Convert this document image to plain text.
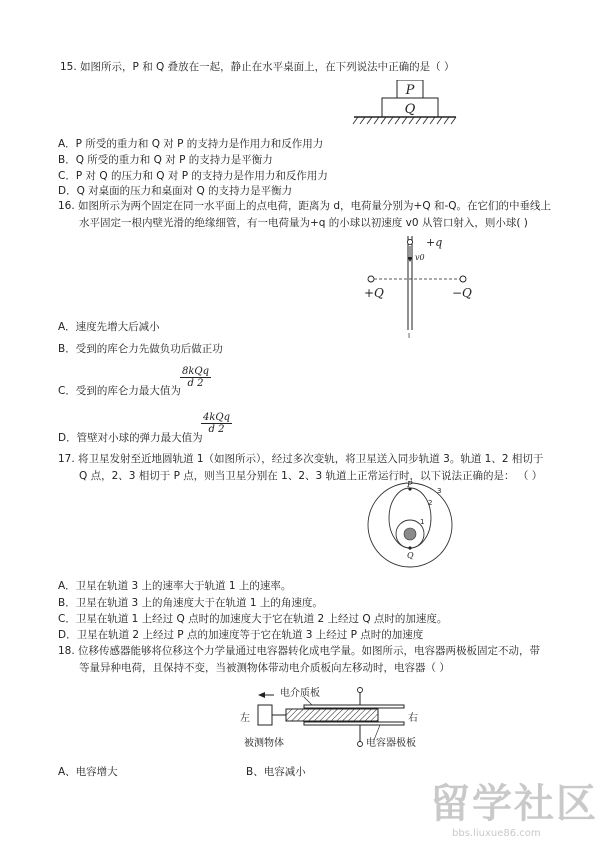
15. 如图所示，P 和 Q 叠放在一起，静止在水平桌面上，在下列说法中正确的是（ ）
P
Q
A．P 所受的重力和 Q 对 P 的支持力是作用力和反作用力
B．Q 所受的重力和 Q 对 P 的支持力是平衡力
C．P 对 Q 的压力和 Q 对 P 的支持力是作用力和反作用力
D．Q 对桌面的压力和桌面对 Q 的支持力是平衡力
16. 如图所示为两个固定在同一水平面上的点电荷，距离为 d，电荷量分别为+Q 和-Q。在它们的中垂线上
水平固定一根内壁光滑的绝缘细管，有一电荷量为+q 的小球以初速度 v0 从管口射入，则小球( )
+q
v0
+Q	−Q
I
A．速度先增大后减小
B．受到的库仑力先做负功后做正功
C．受到的库仑力最大值为
8kQq
d 2
D．管壁对小球的弹力最大值为
4kQq
d 2
17. 将卫星发射至近地圆轨道 1（如图所示），经过多次变轨，将卫星送入同步轨道 3。轨道 1、2 相切于
Q 点，2、3 相切于 P 点，则当卫星分别在 1、2、3 轨道上正常运行时，以下说法正确的是： （ ）
P
Q
1
2
3
A．卫星在轨道 3 上的速率大于轨道 1 上的速率。
B．卫星在轨道 3 上的角速度大于在轨道 1 上的角速度。
C．卫星在轨道 1 上经过 Q 点时的加速度大于它在轨道 2 上经过 Q 点时的加速度。
D．卫星在轨道 2 上经过 P 点的加速度等于它在轨道 3 上经过 P 点时的加速度
18. 位移传感器能够将位移这个力学量通过电容器转化成电学量。如图所示，电容器两极板固定不动，带
等量异种电荷，且保持不变，当被测物体带动电介质板向左移动时，电容器（ ）
电介质板
左	右
被测物体	电容器极板
A、电容增大	B、电容减小
留学社区
bbs.liuxue86.com
